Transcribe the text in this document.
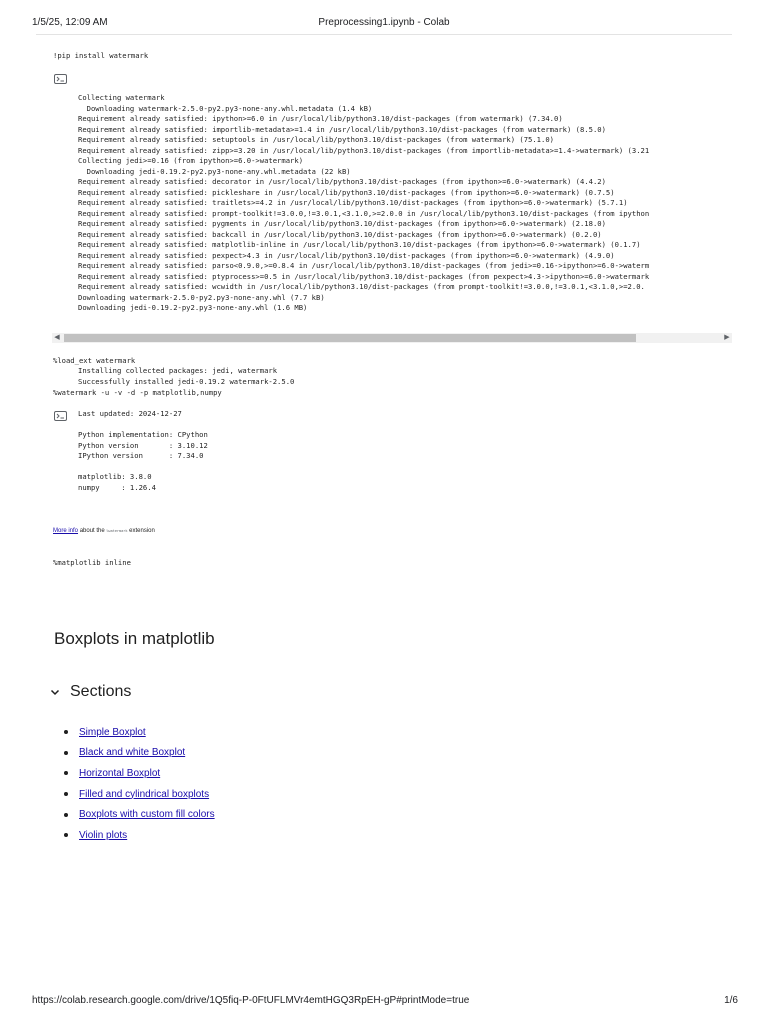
1/5/25, 12:09 AM	Preprocessing1.ipynb - Colab
!pip install watermark

Collecting watermark
Downloading watermark-2.5.0-py2.py3-none-any.whl.metadata (1.4 kB)
Requirement already satisfied: ipython>=6.0 in /usr/local/lib/python3.10/dist-packages (from watermark) (7.34.0)
Requirement already satisfied: importlib-metadata>=1.4 in /usr/local/lib/python3.10/dist-packages (from watermark) (8.5.0)
Requirement already satisfied: setuptools in /usr/local/lib/python3.10/dist-packages (from watermark) (75.1.0)
Requirement already satisfied: zipp>=3.20 in /usr/local/lib/python3.10/dist-packages (from importlib-metadata>=1.4->watermark) (3.21
Collecting jedi>=0.16 (from ipython>=6.0->watermark)
Downloading jedi-0.19.2-py2.py3-none-any.whl.metadata (22 kB)
Requirement already satisfied: decorator in /usr/local/lib/python3.10/dist-packages (from ipython>=6.0->watermark) (4.4.2)
Requirement already satisfied: pickleshare in /usr/local/lib/python3.10/dist-packages (from ipython>=6.0->watermark) (0.7.5)
Requirement already satisfied: traitlets>=4.2 in /usr/local/lib/python3.10/dist-packages (from ipython>=6.0->watermark) (5.7.1)
Requirement already satisfied: prompt-toolkit!=3.0.0,!=3.0.1,<3.1.0,>=2.0.0 in /usr/local/lib/python3.10/dist-packages (from ipython
Requirement already satisfied: pygments in /usr/local/lib/python3.10/dist-packages (from ipython>=6.0->watermark) (2.18.0)
Requirement already satisfied: backcall in /usr/local/lib/python3.10/dist-packages (from ipython>=6.0->watermark) (0.2.0)
Requirement already satisfied: matplotlib-inline in /usr/local/lib/python3.10/dist-packages (from ipython>=6.0->watermark) (0.1.7)
Requirement already satisfied: pexpect>4.3 in /usr/local/lib/python3.10/dist-packages (from ipython>=6.0->watermark) (4.9.0)
Requirement already satisfied: parso<0.9.0,>=0.8.4 in /usr/local/lib/python3.10/dist-packages (from jedi>=0.16->ipython>=6.0->waterm
Requirement already satisfied: ptyprocess>=0.5 in /usr/local/lib/python3.10/dist-packages (from pexpect>4.3->ipython>=6.0->watermark
Requirement already satisfied: wcwidth in /usr/local/lib/python3.10/dist-packages (from prompt-toolkit!=3.0.0,!=3.0.1,<3.1.0,>=2.0.
Downloading watermark-2.5.0-py2.py3-none-any.whl (7.7 kB)
Downloading jedi-0.19.2-py2.py3-none-any.whl (1.6 MB)

Installing collected packages: jedi, watermark
Successfully installed jedi-0.19.2 watermark-2.5.0

◀	▶
%load_ext watermark
%watermark -u -v -d -p matplotlib,numpy
Last updated: 2024-12-27
Python implementation: CPython
Python version       : 3.10.12
IPython version      : 7.34.0
matplotlib: 3.8.0
numpy     : 1.26.4
More info about the %watermark extension
%matplotlib inline
Boxplots in matplotlib
Sections
Simple Boxplot
Black and white Boxplot
Horizontal Boxplot
Filled and cylindrical boxplots
Boxplots with custom fill colors
Violin plots
https://colab.research.google.com/drive/1Q5fiq-P-0FtUFLMVr4emtHGQ3RpEH-gP#printMode=true	1/6
